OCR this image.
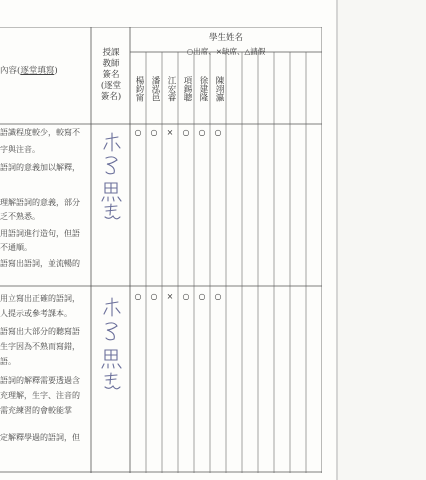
學生姓名
○出席、×缺席、△請假
內容(逐堂填寫)
授課
教師
簽名
(逐堂
簽名)	楊鈞甯 潘泓邑 江宏睿 項錫聰 徐建隆 陳翊瀛
語識程度較少，較寫不
字與注音。
語詞的意義加以解釋，
理解語詞的意義，部分
乏不熟悉。
用語詞進行造句，但語
不通順。
語寫出語詞，並流暢的
○	○	×	○	○	○
用立寫出正確的語詞，
人提示或參考課本。
語寫出大部分的聽寫語
生字因為不熟而寫錯，
語。
語詞的解釋需要透過含
充理解，生字、注音的
需充練習的會較能掌
定解釋學過的語詞，但
○	○	×	○	○	○
